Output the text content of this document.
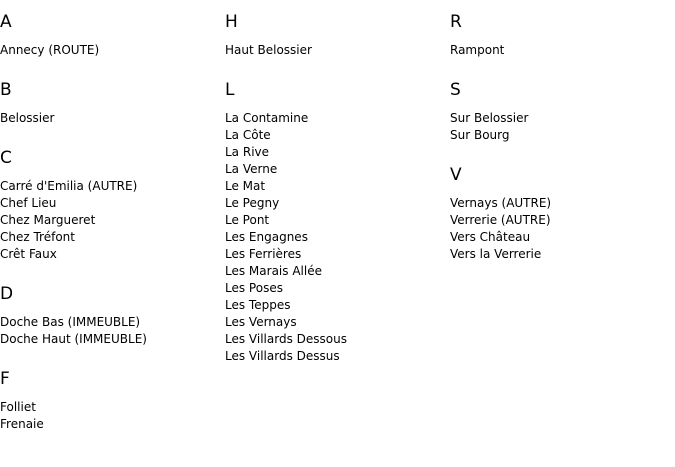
A
Annecy (ROUTE)
B
Belossier
C
Carré d'Emilia (AUTRE)
Chef Lieu
Chez Margueret
Chez Tréfont
Crêt Faux
D
Doche Bas (IMMEUBLE)
Doche Haut (IMMEUBLE)
F
Folliet
Frenaie
H
Haut Belossier
L
La Contamine
La Côte
La Rive
La Verne
Le Mat
Le Pegny
Le Pont
Les Engagnes
Les Ferrières
Les Marais Allée
Les Poses
Les Teppes
Les Vernays
Les Villards Dessous
Les Villards Dessus
R
Rampont
S
Sur Belossier
Sur Bourg
V
Vernays (AUTRE)
Verrerie (AUTRE)
Vers Château
Vers la Verrerie
